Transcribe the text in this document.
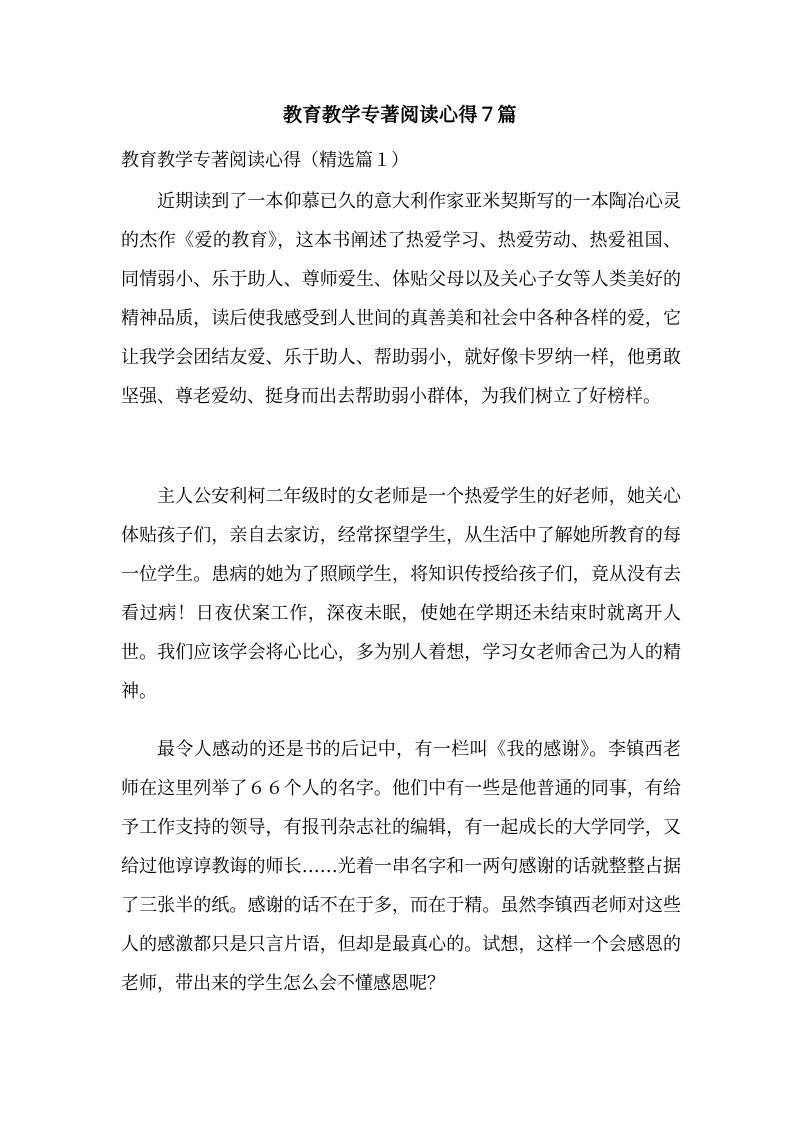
教育教学专著阅读心得７篇
教育教学专著阅读心得（精选篇１）

近期读到了一本仰慕已久的意大利作家亚米契斯写的一本陶冶心灵的杰作《爱的教育》，这本书阐述了热爱学习、热爱劳动、热爱祖国、同情弱小、乐于助人、尊师爱生、体贴父母以及关心子女等人类美好的精神品质，读后使我感受到人世间的真善美和社会中各种各样的爱，它让我学会团结友爱、乐于助人、帮助弱小，就好像卡罗纳一样，他勇敢坚强、尊老爱幼、挺身而出去帮助弱小群体，为我们树立了好榜样。

主人公安利柯二年级时的女老师是一个热爱学生的好老师，她关心体贴孩子们，亲自去家访，经常探望学生，从生活中了解她所教育的每一位学生。患病的她为了照顾学生，将知识传授给孩子们，竟从没有去看过病！日夜伏案工作，深夜未眠，使她在学期还未结束时就离开人世。我们应该学会将心比心，多为别人着想，学习女老师舍己为人的精神。

最令人感动的还是书的后记中，有一栏叫《我的感谢》。李镇西老师在这里列举了６６个人的名字。他们中有一些是他普通的同事，有给予工作支持的领导，有报刊杂志社的编辑，有一起成长的大学同学，又给过他谆谆教诲的师长……光着一串名字和一两句感谢的话就整整占据了三张半的纸。感谢的话不在于多，而在于精。虽然李镇西老师对这些人的感激都只是只言片语，但却是最真心的。试想，这样一个会感恩的老师，带出来的学生怎么会不懂感恩呢？
